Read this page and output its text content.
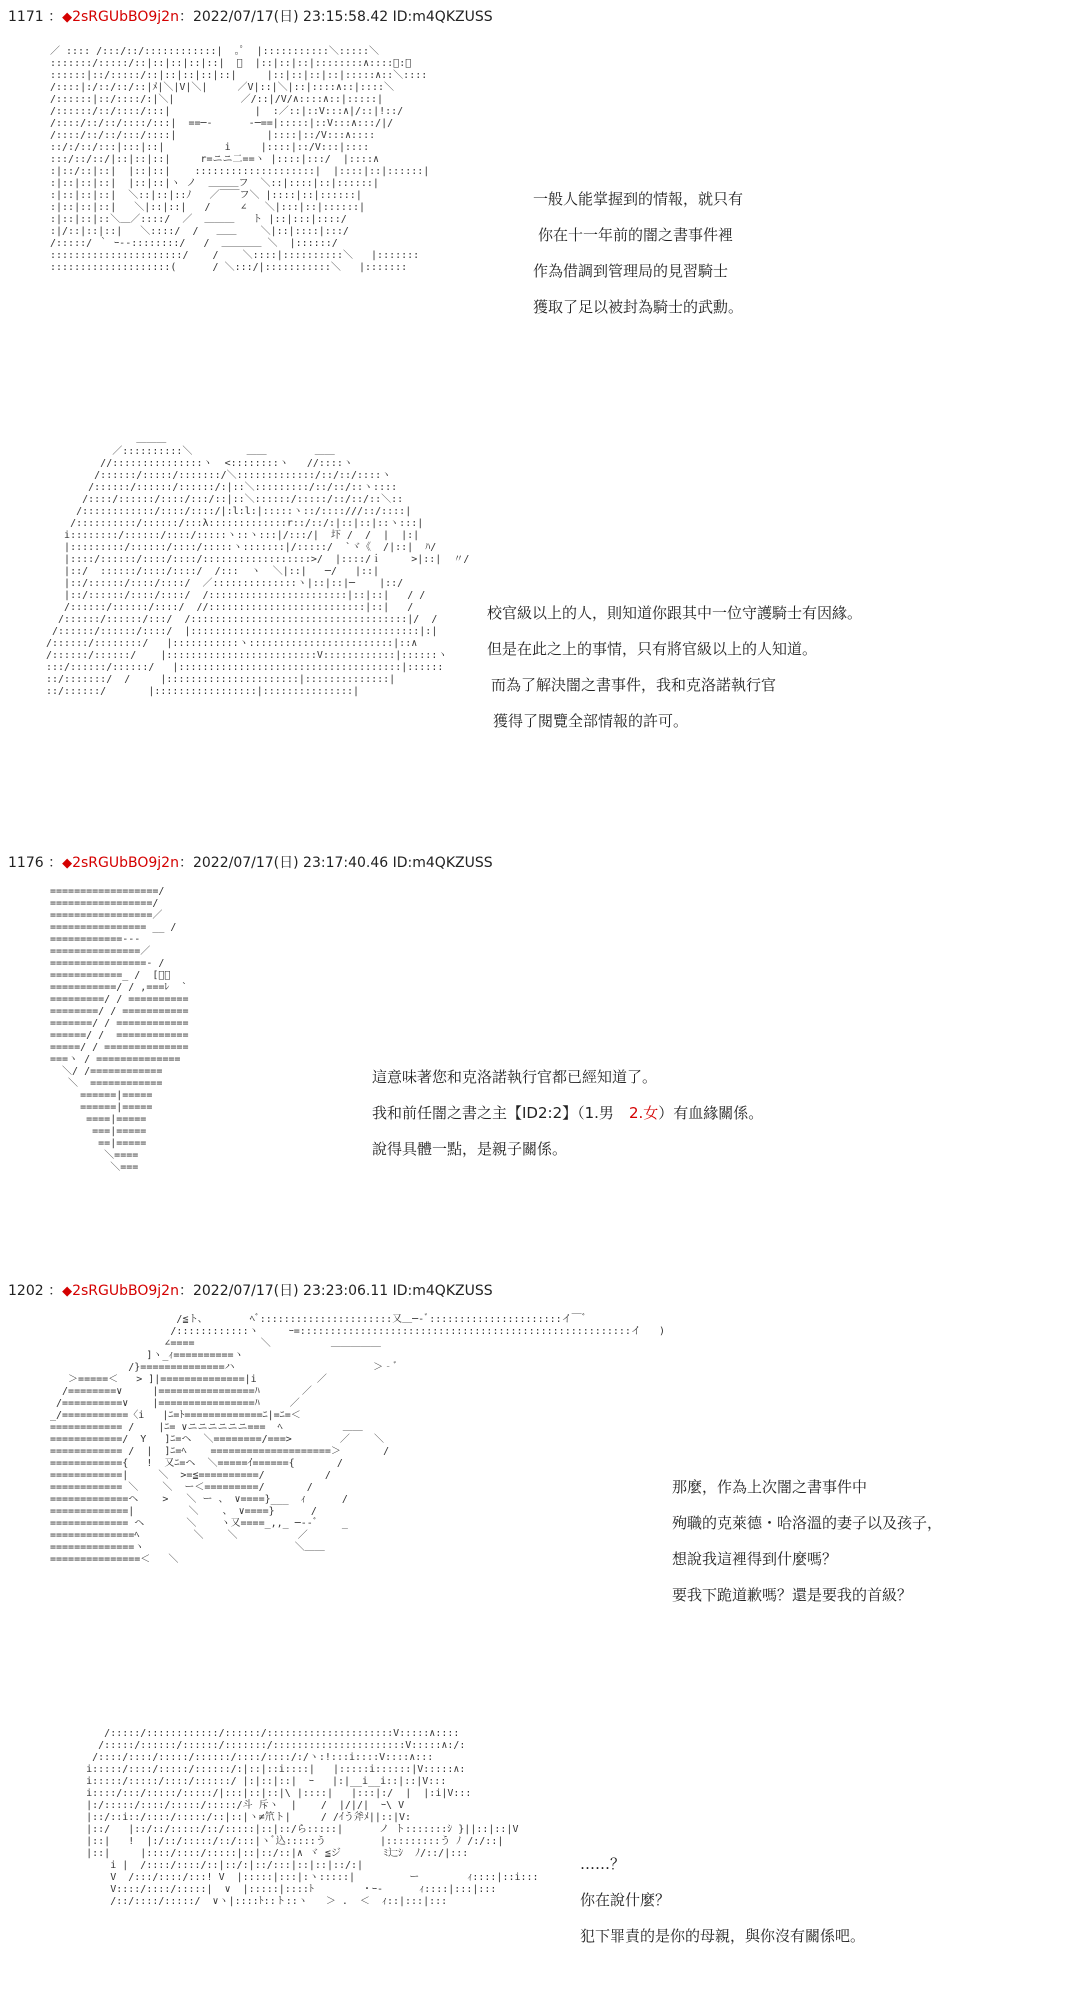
1171 ：◆2sRGUbBO9j2n：2022/07/17(日) 23:15:58.42 ID:m4QKZUSS
／ :::: /:::/::/::::::::::::|  ｡ﾟ  |:::::::::::＼:::::＼
:::::::/:::::/::|::|::|::|::|  ﾟ  |::|::|::|::::::::∧::::＼:＼
::::::|::/:::::/::|::|::|::|::|     |::|::|::|::|:::::∧::＼::::
/::::|:/::/::/::|ﾒ|＼|V|＼|     ／V|::|＼|::|::::∧::|::::＼
/::::::|::/::::/:|＼|           ／/::|/V/∧::::∧::|:::::|
/::::::/::/::::/:::|              |  :／::|::V:::∧|/::|!::/
/::::/::/::/::::/:::|  ==─-      -─==|:::::|::V:::∧:::/|/
/::::/::/::/:::/::::|               |::::|::/V:::∧::::
::/:/::/:::|:::|::|          i     |::::|::/V:::|::::
:::/::/::/|::|::|::|     r=ニニ二==ヽ |::::|:::/  |::::∧
:|::/::|::|  |::|::|    ::::::::::::::::::::|  |::::|::|::::::|
:|::|::|::|  |::|::|ヽ ノ  ＿＿＿フ  ＼::|::::|::|::::::|
:|::|::|::|  ＼::|::|::ﾉ   ／￣￣フ＼ |::::|::|::::::|
:|::|::|::|   ＼|::|::|   /     ∠   ＼|:::|::|::::::|
:|::|::|::＼＿／::::/  ／  ＿＿＿   ト |::|:::|::::/
:|/::|::|::|   ＼::::/  /   ＿＿    ＼|::|::::|:::/
/:::::/ ｀ ｰ--::::::::/   /  ＿＿＿＿ ＼  |::::::/
::::::::::::::::::::::/    /    ＼::::|::::::::::＼   |:::::::
::::::::::::::::::::(      / ＼:::/|:::::::::::＼   |:::::::
一般人能掌握到的情報，就只有
你在十一年前的闇之書事件裡
作為借調到管理局的見習騎士
獲取了足以被封為騎士的武勳。
＿＿＿
／::::::::::＼         ＿＿        ＿＿
//:::::::::::::::ヽ  <::::::::ヽ   //::::ヽ
/::::::/:::::/:::::::/＼:::::::::::::/::/::/::::ヽ
/::::::/::::::/::::::/:|::＼:::::::::/::/::/::ヽ::::
/::::/::::::/::::/:::/::|::＼::::::/:::::/::/::/::＼::
/::::::::::::/::::/::::/|:l:l:|:::::ヽ::/::::///::/::::|
/::::::::::/::::::/:::λ:::::::::::::r::/::/:|::|::|::ヽ:::|
i::::::::/::::::/::::/:::::ヽ::ヽ:::|/:::/|  圷 /  /  |  |:|
|:::::::::/::::::/::::/:::::ヽ:::::::|/:::::/  `ヾ《  /|::|  ﾊ/
|::::/::::::/::::/::::/::::::::::::::::::>/  |::::/ｉ     >|::|  〃/
|::/  ::::::/::::/::::/  /:::  ヽ  ＼|::|   ─/   |::|
|::/::::::/::::/::::/  ／::::::::::::::ヽ|::|::|─    |::/
|::/::::::/::::/::::/  /:::::::::::::::::::::::|::|::|   / /
/::::::/::::::/::::/  //::::::::::::::::::::::::::|::|   /
/::::::/::::::/:::/  /::::::::::::::::::::::::::::::::::::|/  /
/::::::/::::::/::::/  |::::::::::::::::::::::::::::::::::::::|:|
/::::::/::::::::/   |:::::::::::ヽ::::::::::::::::::::::::|::∧
/::::::/::::::/    |:::::::::::::::::::::::::V::::::::::::|::::::ヽ
:::/::::::/::::::/   |:::::::::::::::::::::::::::::::::::::|::::::
::/:::::::/  /     |::::::::::::::::::::::|::::::::::::::|
::/::::::/       |:::::::::::::::::|:::::::::::::::|
校官級以上的人，則知道你跟其中一位守護騎士有因緣。
但是在此之上的事情，只有將官級以上的人知道。
而為了解決闇之書事件，我和克洛諾執行官
獲得了閱覽全部情報的許可。
1176 ：◆2sRGUbBO9j2n：2022/07/17(日) 23:17:40.46 ID:m4QKZUSS
==================/
=================/
=================／
================ __ /
============---
===============／
================‐ /
============_ /  [ﾞ、
===========/ / ,===ﾚ  `
=========/ / ==========
========/ / ===========
=======/ / ============
======/ /  ============
=====/ / ==============
===ヽ / ==============
＼/ /============
＼  ============
======|=====
======|=====
====|=====
===|=====
==|=====
＼====
＼===
這意味著您和克洛諾執行官都已經知道了。
我和前任闇之書之主【ID2:2】（1.男　2.女）有血緣關係。
說得具體一點，是親子關係。
1202 ：◆2sRGUbBO9j2n：2022/07/17(日) 23:23:06.11 ID:m4QKZUSS
/≦ト、       ﾍﾞ::::::::::::::::::::::又＿─‐ﾞ::::::::::::::::::::::イ￣ﾞ
/::::::::::::ヽ     ｰ=:::::::::::::::::::::::::::::::::::::::::::::::::::::::イ   )
∠====           ＼          ＿＿＿＿＿
]ヽ_ｨ==========ヽ
/}==============ハ                       ＞‐ﾞ
＞=====＜   > ]|==============|i          ／
/========∨     |================ﾊ       ／
/==========∨    |================ﾊ     ／
_/===========〈i   |ﾆ=ﾄ=============ﾆ|=ﾆ=＜
============ /    |ﾆ= ∨ニニニニニニ===  ﾍ          ＿＿
============/  Y   ]ﾆ=ヘ  ＼========/===>        ／    ＼
============ /  |  ]ﾆ=ﾍ    ====================＞       /
============{   !  又ﾆ=ヘ  ＼=====ｲ======{       /
============|     ＼  >=≦==========/          /
============ ＼    ＼  ー＜=========/       /
=============ヘ    >   ＼ ー 、 ∨====}___  ｨ      /
=============|         ＼    、 ∨====}      /
============= ヘ       ＼    ヽ又====_,,_ ─‐‐ﾞ    _
==============ﾍ         ＼    ＼          ／
==============ヽ                         ＼＿＿
===============＜   ＼
那麼，作為上次闇之書事件中
殉職的克萊德・哈洛溫的妻子以及孩子，
想說我這裡得到什麼嗎？
要我下跪道歉嗎？還是要我的首級？
/:::::/::::::::::::/::::::/:::::::::::::::::::::V:::::∧::::
/:::::/::::::/::::::/:::::::/::::::::::::::::::::::V:::::∧:/:
/::::/::::/:::::/::::::/::::/::::/:/ヽ:!:::i::::V::::∧:::
i:::::/::::/:::::/::::::/:|::|::i::::|   |:::::i::::::|V:::::∧:
i:::::/:::::/::::/::::::/ |:|::|::|  ｰ   |:|__i__i::|::|V:::
i::::/:::/:::::/:::::/|:::|::|::|\ |::::|   |:::|:/  |  |:i|V:::
|:/:::::/::::/:::::/:::::/斗 斥ヽ  |    /  |/|/|  ｰ\ V
|::/::i::/::::/:::::/::|::|ヽ≠笊ト|     / /ｲう斧ﾒ||::|V:
|::/   |::/::/:::::/::/:::::|::|::/ら:::::|      ノ ト:::::::ｼ }||::|::|V
|::|   !  |:/::/:::::/::/:::|ヽﾞ込:::::う         |:::::::::う ﾉ /:/::|
|::|     |::::/::::/:::::|::|::/::|∧ ヾ ≦ジ       ﾐ辷ｼ  ﾉ/::/|:::
i |  /::::/::::/::|::/:|::/:::|::|::|::/:|
V  /:::/::::/:::! V  |:::::|:::|:ヽ:::::|         ー        ｨ::::|::i:::
V::::/::::/:::::|  ∨  |:::::|::::ﾄ        ・ｰ-      ｨ::::|:::|:::
/::/::::/:::::/  ∨ヽ|::::ﾄ::ト::ヽ   ＞ .  ＜  ｨ::|:::|:::
……？
你在說什麼？
犯下罪責的是你的母親，與你沒有關係吧。
